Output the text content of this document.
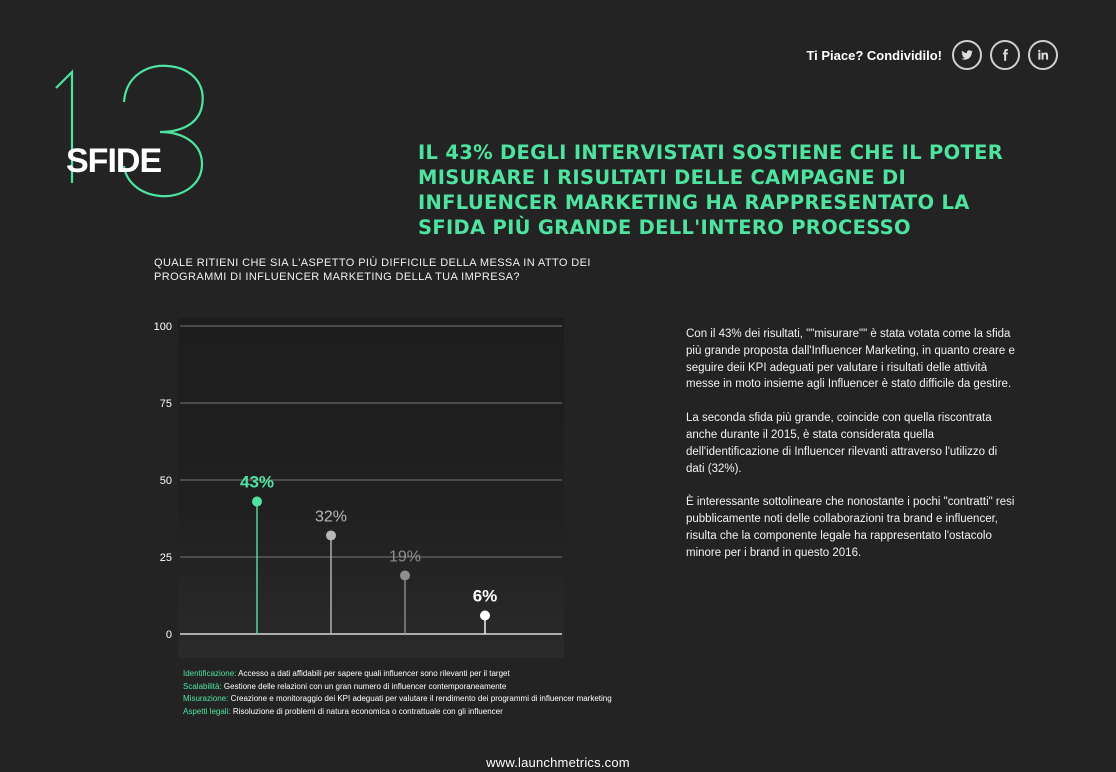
Ti Piace? Condividilo!
SFIDE	IL 43% DEGLI INTERVISTATI SOSTIENE CHE IL POTER MISURARE I RISULTATI DELLE CAMPAGNE DI INFLUENCER MARKETING HA RAPPRESENTATO LA SFIDA PIÙ GRANDE DELL'INTERO PROCESSO
QUALE RITIENI CHE SIA L'ASPETTO PIÙ DIFFICILE DELLA MESSA IN ATTO DEI PROGRAMMI DI INFLUENCER MARKETING DELLA TUA IMPRESA?
0
25
50
75
100
43%
32%
19%
6%
Identificazione: Accesso a dati affidabili per sapere quali influencer sono rilevanti per il target
Scalabilità: Gestione delle relazioni con un gran numero di influencer contemporaneamente
Misurazione: Creazione e monitoraggio dei KPI adeguati per valutare il rendimento dei programmi di influencer marketing
Aspetti legali: Risoluzione di problemi di natura economica o contrattuale con gli influencer

Con il 43% dei risultati, ""misurare"" è stata votata come la sfida più grande proposta dall'Influencer Marketing, in quanto creare e seguire deii KPI adeguati per valutare i risultati delle attività messe in moto insieme agli Influencer è stato difficile da gestire.

La seconda sfida più grande, coincide con quella riscontrata anche durante il 2015, è stata considerata quella dell'identificazione di Influencer rilevanti attraverso l'utilizzo di dati (32%).

È interessante sottolineare che nonostante i pochi "contratti" resi pubblicamente noti delle collaborazioni tra brand e influencer, risulta che la componente legale ha rappresentato l'ostacolo minore per i brand in questo 2016.

www.launchmetrics.com
